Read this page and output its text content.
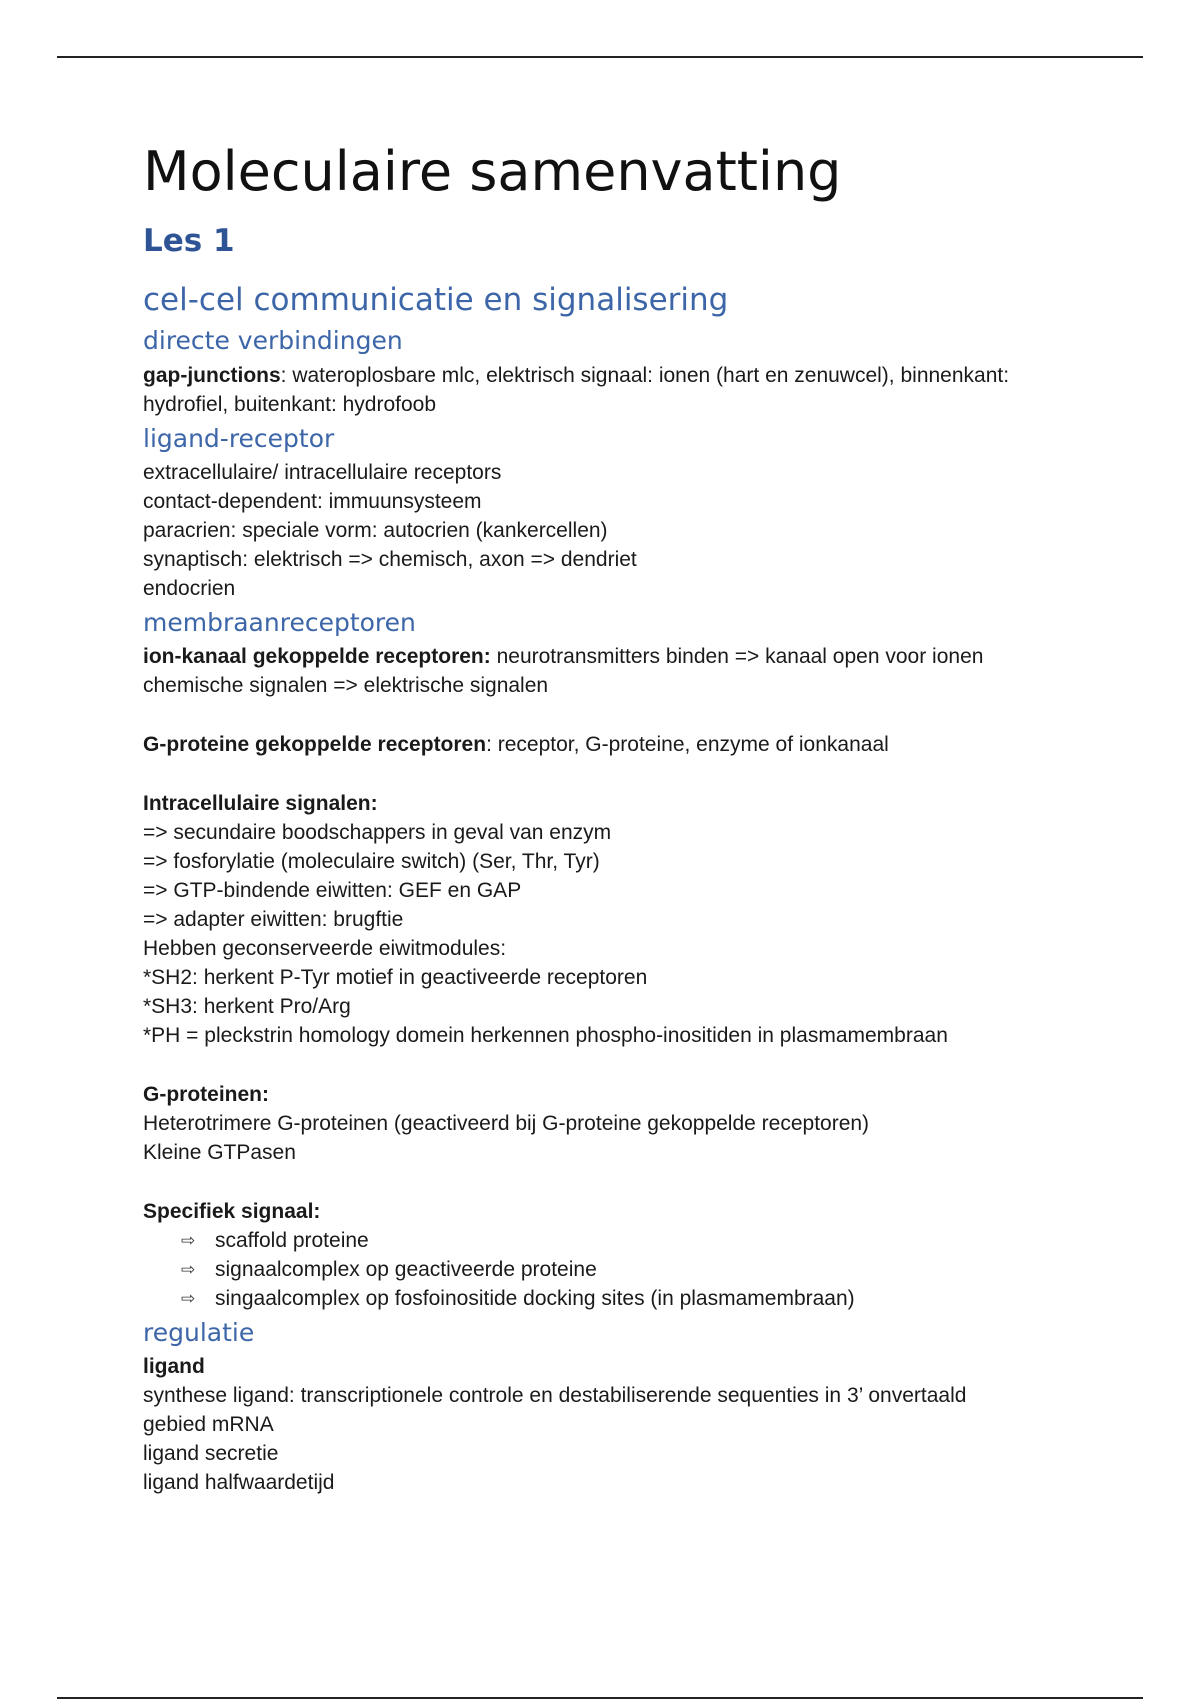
Moleculaire samenvatting
Les 1
cel-cel communicatie en signalisering
directe verbindingen

gap-junctions: wateroplosbare mlc, elektrisch signaal: ionen (hart en zenuwcel), binnenkant:

hydrofiel, buitenkant: hydrofoob

ligand-receptor

extracellulaire/ intracellulaire receptors

contact-dependent: immuunsysteem

paracrien: speciale vorm: autocrien (kankercellen)

synaptisch: elektrisch => chemisch, axon => dendriet

endocrien

membraanreceptoren

ion-kanaal gekoppelde receptoren: neurotransmitters binden => kanaal open voor ionen

chemische signalen => elektrische signalen

G-proteine gekoppelde receptoren: receptor, G-proteine, enzyme of ionkanaal

Intracellulaire signalen:

=> secundaire boodschappers in geval van enzym

=> fosforylatie (moleculaire switch) (Ser, Thr, Tyr)

=> GTP-bindende eiwitten: GEF en GAP

=> adapter eiwitten: brugftie

Hebben geconserveerde eiwitmodules:

*SH2: herkent P-Tyr motief in geactiveerde receptoren

*SH3: herkent Pro/Arg

*PH = pleckstrin homology domein herkennen phospho-inositiden in plasmamembraan

G-proteinen:

Heterotrimere G-proteinen (geactiveerd bij G-proteine gekoppelde receptoren)

Kleine GTPasen

Specifiek signaal:

⇨ scaffold proteine
⇨ signaalcomplex op geactiveerde proteine
⇨ singaalcomplex op fosfoinositide docking sites (in plasmamembraan)
regulatie

ligand

synthese ligand: transcriptionele controle en destabiliserende sequenties in 3’ onvertaald

gebied mRNA

ligand secretie

ligand halfwaardetijd
